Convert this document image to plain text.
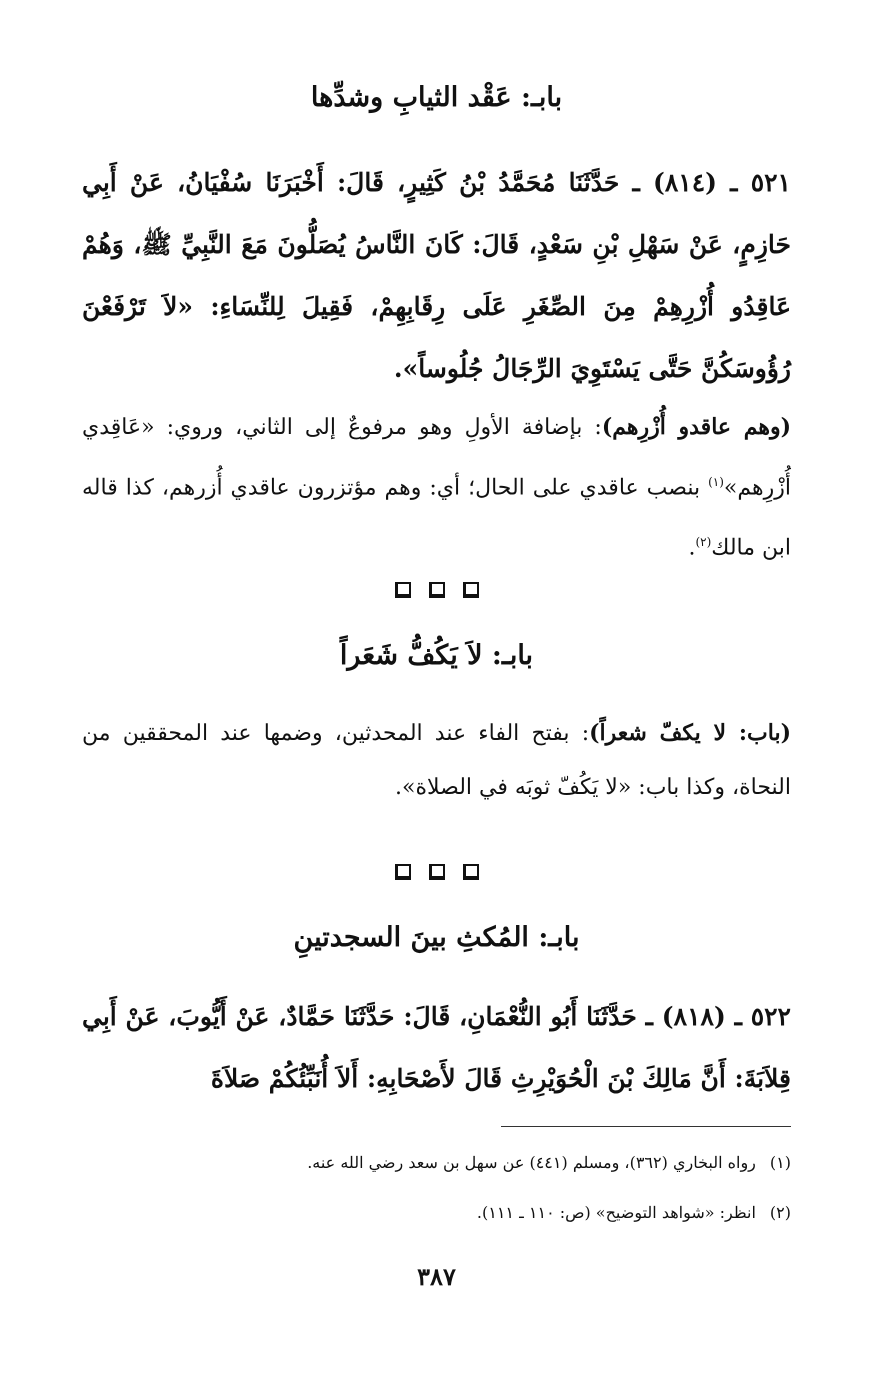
بابـ: عَقْد الثيابِ وشدِّها

٥٢١ ـ (٨١٤) ـ حَدَّثَنَا مُحَمَّدُ بْنُ كَثِيرٍ، قَالَ: أَخْبَرَنَا سُفْيَانُ، عَنْ أَبِي حَازِمٍ، عَنْ سَهْلِ بْنِ سَعْدٍ، قَالَ: كَانَ النَّاسُ يُصَلُّونَ مَعَ النَّبِيِّ ﷺ، وَهُمْ عَاقِدُو أُزْرِهِمْ مِنَ الصِّغَرِ عَلَى رِقَابِهِمْ، فَقِيلَ لِلنِّسَاءِ: «لاَ تَرْفَعْنَ رُؤُوسَكُنَّ حَتَّى يَسْتَوِيَ الرِّجَالُ جُلُوساً».

(وهم عاقدو أُزْرِهم): بإضافة الأولِ وهو مرفوعٌ إلى الثاني، وروي: «عَاقِدي أُزْرِهم»$^{(١)}$ بنصب عاقدي على الحال؛ أي: وهم مؤتزرون عاقدي أُزرهم، كذا قاله ابن مالك$^{(٢)}$.

بابـ: لاَ يَكُفُّ شَعَراً

(باب: لا يكفّ شعراً): بفتح الفاء عند المحدثين، وضمها عند المحققين من النحاة، وكذا باب: «لا يَكُفّ ثوبَه في الصلاة».

بابـ: المُكثِ بينَ السجدتينِ

٥٢٢ ـ (٨١٨) ـ حَدَّثَنَا أَبُو النُّعْمَانِ، قَالَ: حَدَّثَنَا حَمَّادٌ، عَنْ أَيُّوبَ، عَنْ أَبِي قِلاَبَةَ: أَنَّ مَالِكَ بْنَ الْحُوَيْرِثِ قَالَ لأَصْحَابِهِ: أَلاَ أُنَبِّئُكُمْ صَلاَةَ

(١)رواه البخاري (٣٦٢)، ومسلم (٤٤١) عن سهل بن سعد رضي الله عنه.

(٢)انظر: «شواهد التوضيح» (ص: ١١٠ ـ ١١١).

٣٨٧
